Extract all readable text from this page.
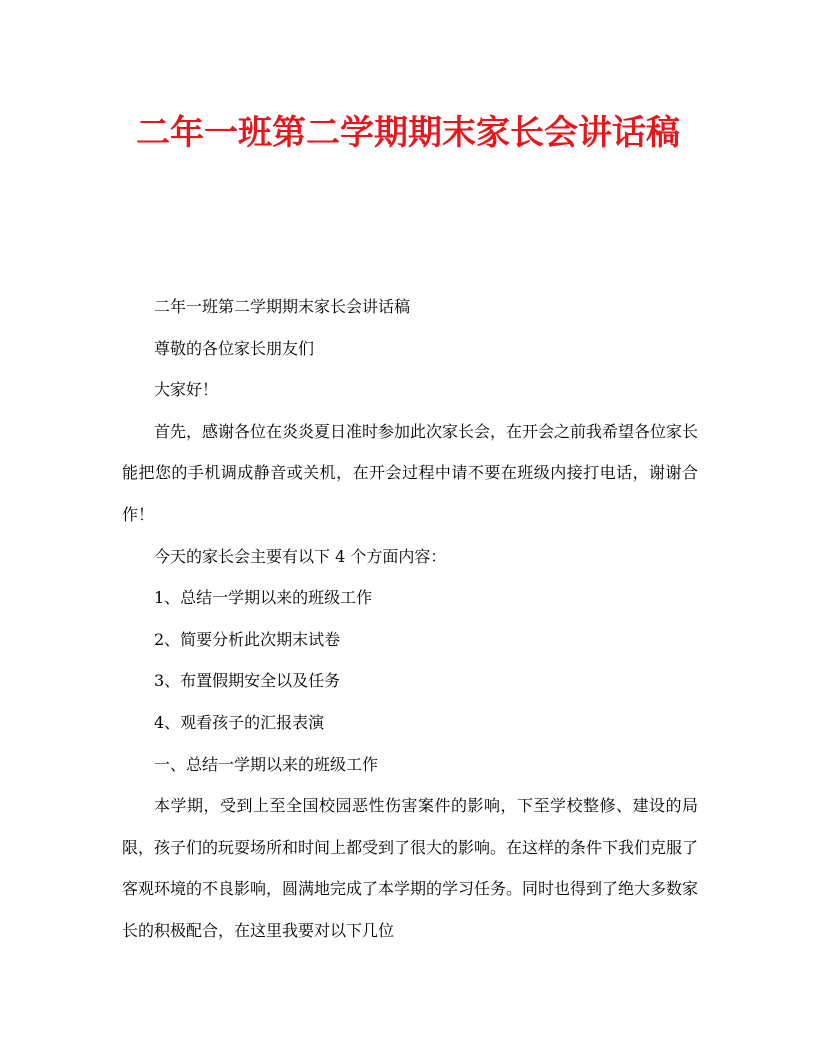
二年一班第二学期期末家长会讲话稿

二年一班第二学期期末家长会讲话稿

尊敬的各位家长朋友们

大家好！

首先，感谢各位在炎炎夏日准时参加此次家长会，在开会之前我希望各位家长能把您的手机调成静音或关机，在开会过程中请不要在班级内接打电话，谢谢合作！

今天的家长会主要有以下 4 个方面内容：

1、总结一学期以来的班级工作

2、简要分析此次期末试卷

3、布置假期安全以及任务

4、观看孩子的汇报表演

一、总结一学期以来的班级工作

本学期，受到上至全国校园恶性伤害案件的影响，下至学校整修、建设的局限，孩子们的玩耍场所和时间上都受到了很大的影响。在这样的条件下我们克服了客观环境的不良影响，圆满地完成了本学期的学习任务。同时也得到了绝大多数家长的积极配合，在这里我要对以下几位
